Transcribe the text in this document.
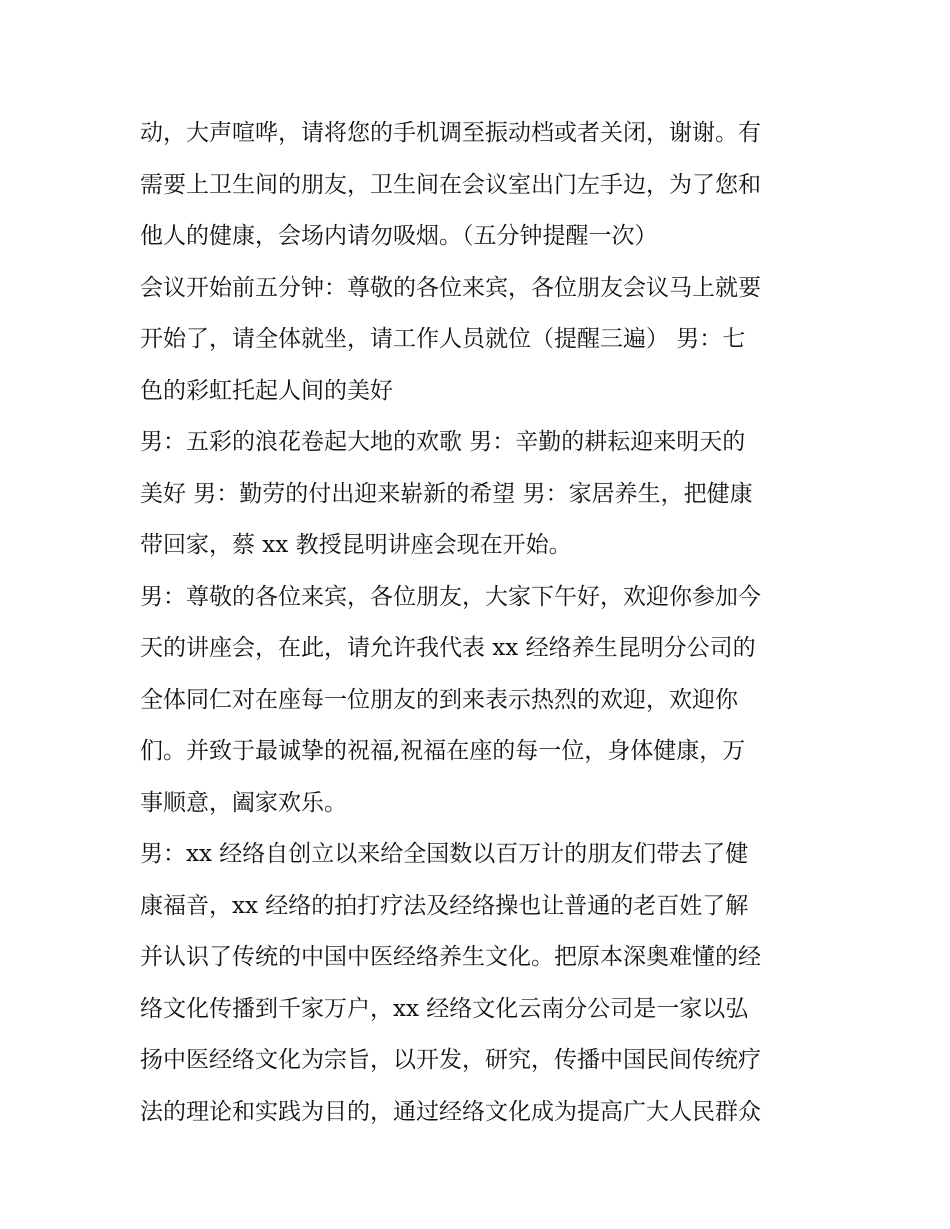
动，大声喧哗，请将您的手机调至振动档或者关闭，谢谢。有
需要上卫生间的朋友，卫生间在会议室出门左手边，为了您和
他人的健康，会场内请勿吸烟。（五分钟提醒一次）
会议开始前五分钟：尊敬的各位来宾，各位朋友会议马上就要
开始了，请全体就坐，请工作人员就位（提醒三遍） 男：七
色的彩虹托起人间的美好
男：五彩的浪花卷起大地的欢歌 男：辛勤的耕耘迎来明天的
美好 男：勤劳的付出迎来崭新的希望 男：家居养生，把健康
带回家，蔡 xx 教授昆明讲座会现在开始。
男：尊敬的各位来宾，各位朋友，大家下午好，欢迎你参加今
天的讲座会，在此，请允许我代表 xx 经络养生昆明分公司的
全体同仁对在座每一位朋友的到来表示热烈的欢迎，欢迎你
们。并致于最诚挚的祝福,祝福在座的每一位，身体健康，万
事顺意，阖家欢乐。
男：xx 经络自创立以来给全国数以百万计的朋友们带去了健
康福音，xx 经络的拍打疗法及经络操也让普通的老百姓了解
并认识了传统的中国中医经络养生文化。把原本深奥难懂的经
络文化传播到千家万户，xx 经络文化云南分公司是一家以弘
扬中医经络文化为宗旨，以开发，研究，传播中国民间传统疗
法的理论和实践为目的，通过经络文化成为提高广大人民群众
